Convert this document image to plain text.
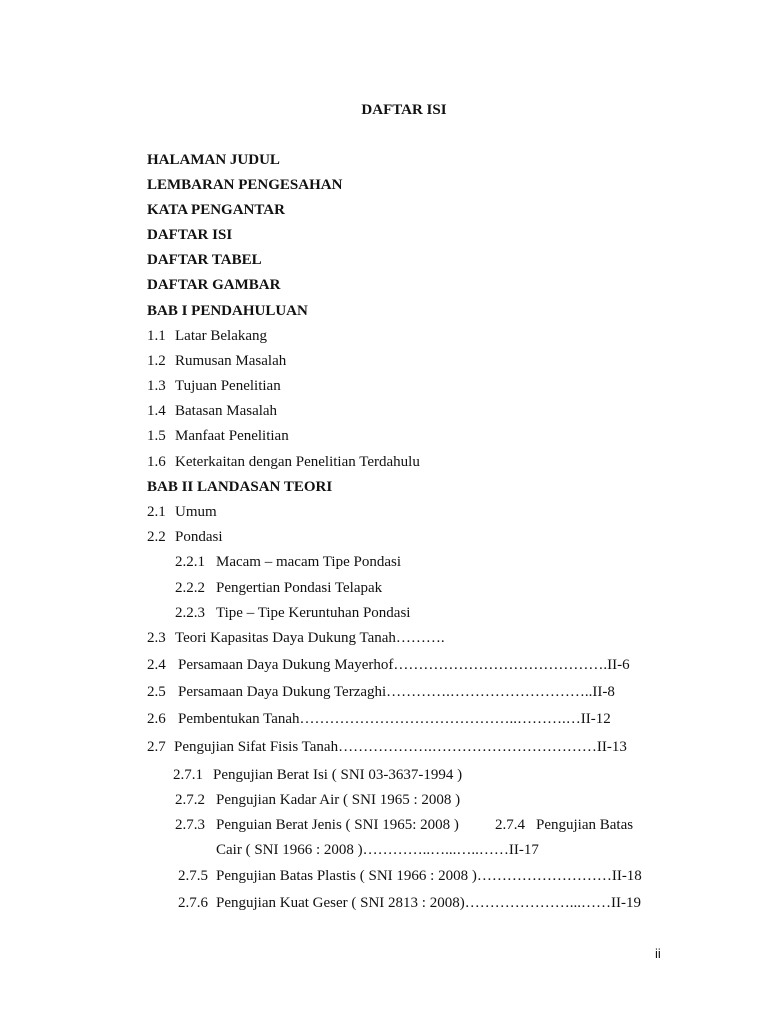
DAFTAR ISI
HALAMAN JUDUL
LEMBARAN PENGESAHAN
KATA PENGANTAR
DAFTAR ISI
DAFTAR TABEL
DAFTAR GAMBAR
BAB I PENDAHULUAN
1.1 Latar Belakang
1.2 Rumusan Masalah
1.3 Tujuan Penelitian
1.4 Batasan Masalah
1.5 Manfaat Penelitian
1.6 Keterkaitan dengan Penelitian Terdahulu
BAB II LANDASAN TEORI
2.1 Umum
2.2 Pondasi
2.2.1 Macam – macam Tipe Pondasi
2.2.2 Pengertian Pondasi Telapak
2.2.3 Tipe – Tipe Keruntuhan Pondasi
2.3 Teori Kapasitas Daya Dukung Tanah……….
2.4 Persamaan Daya Dukung Mayerhof…………………………………….II-6
2.5 Persamaan Daya Dukung Terzaghi………….………………………..II-8
2.6 Pembentukan Tanah……………………………………..……….…II-12
2.7 Pengujian Sifat Fisis Tanah……………….……………………………II-13
2.7.1 Pengujian Berat Isi ( SNI 03-3637-1994 )
2.7.2 Pengujian Kadar Air ( SNI 1965 : 2008 )
2.7.3 Penguian Berat Jenis ( SNI 1965: 2008 ) 2.7.4 Pengujian Batas
Cair ( SNI 1966 : 2008 )…………..…...…..……II-17
2.7.5 Pengujian Batas Plastis ( SNI 1966 : 2008 )………………………II-18
2.7.6 Pengujian Kuat Geser ( SNI 2813 : 2008)…………………...……II-19
ii
